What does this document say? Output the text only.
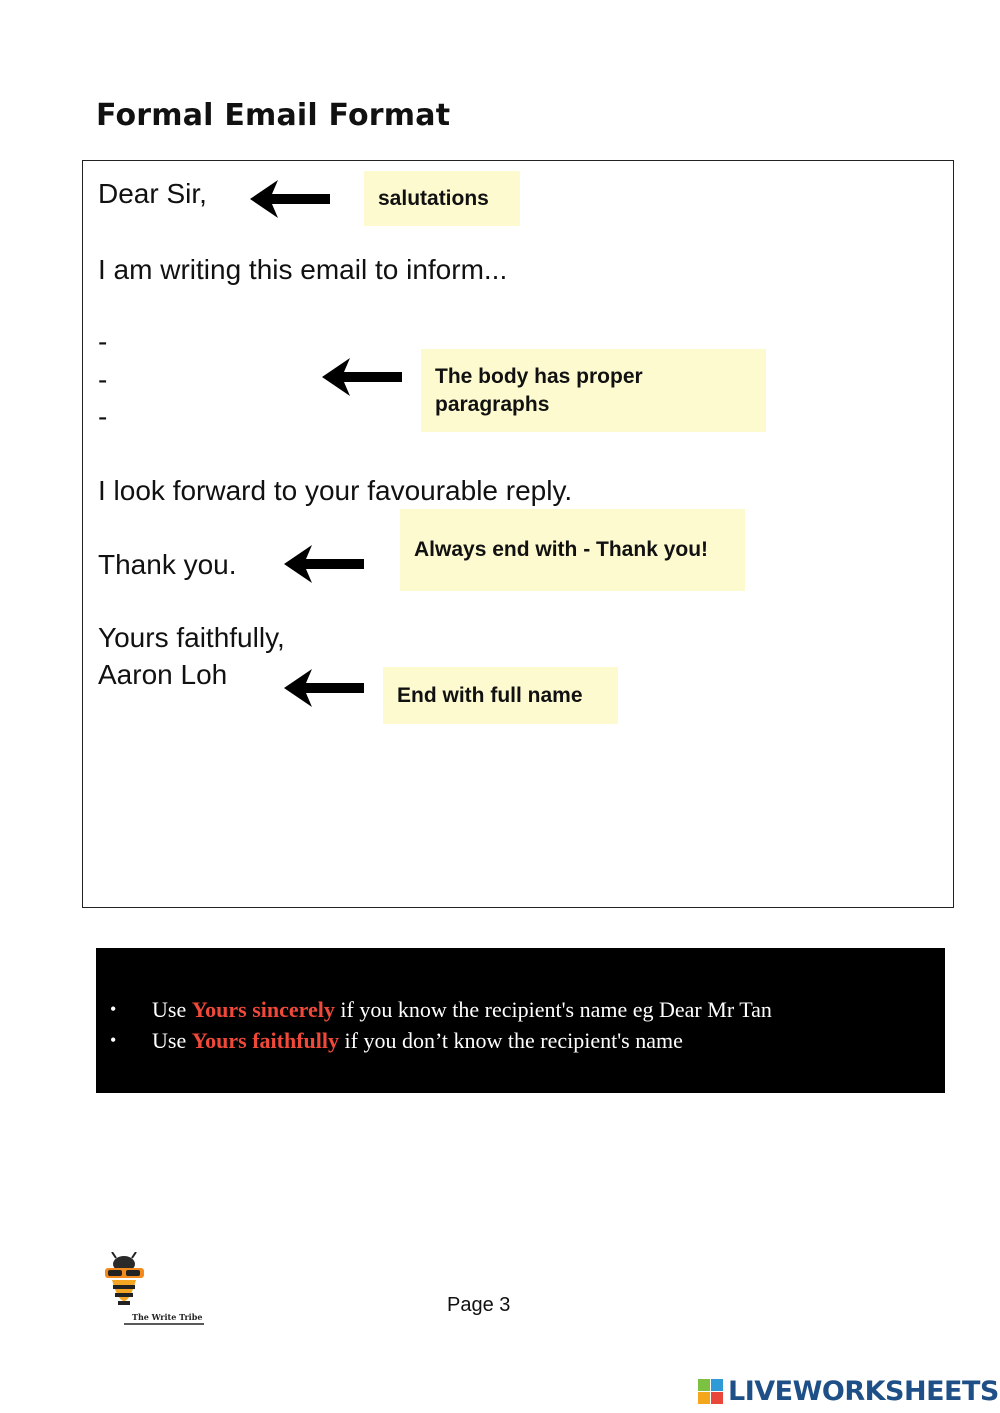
Formal Email Format
Dear Sir,
I am writing this email to inform...
-
-
-
I look forward to your favourable reply.
Thank you.
Yours faithfully,
Aaron Loh
salutations
The body has proper paragraphs
Always end with - Thank you!
End with full name
•	Use Yours sincerely if you know the recipient's name eg Dear Mr Tan
•	Use Yours faithfully if you don’t know the recipient's name
The Write Tribe
Page 3
LIVEWORKSHEETS
